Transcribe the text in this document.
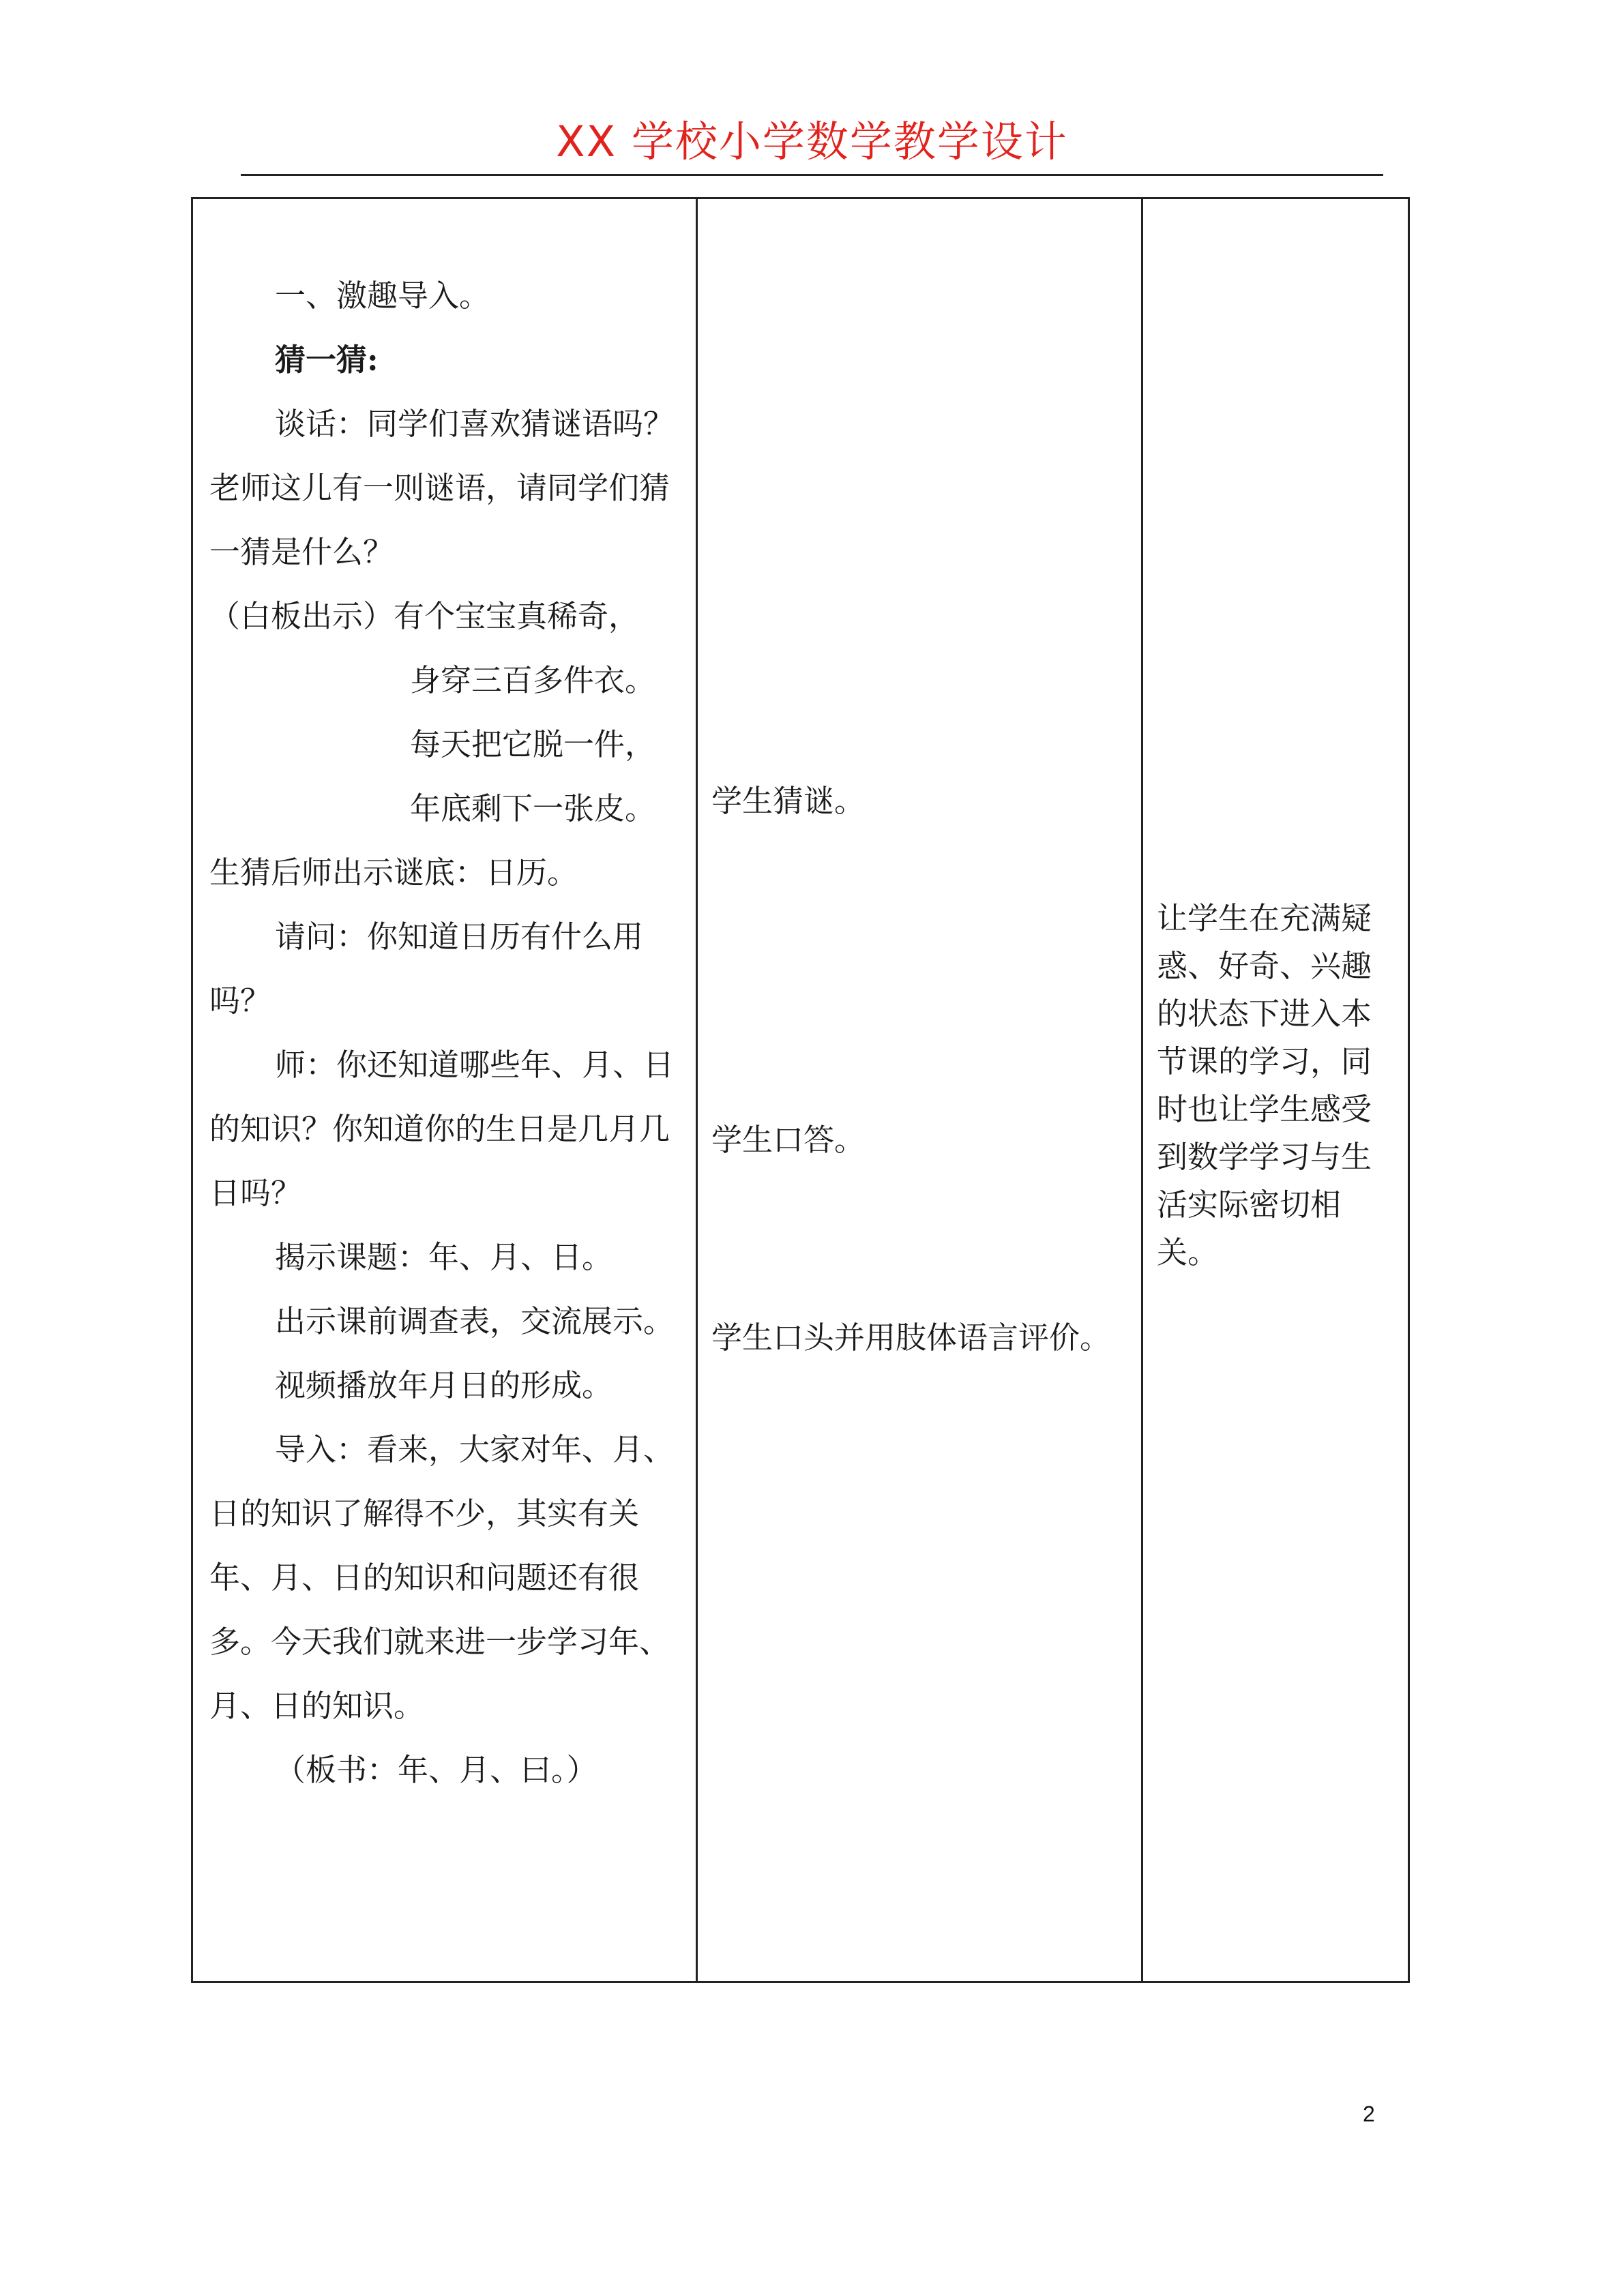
XX 学校小学数学教学设计

一、激趣导入。

猜一猜:

谈话：同学们喜欢猜谜语吗？老师这儿有一则谜语，请同学们猜一猜是什么？

（白板出示）有个宝宝真稀奇，

身穿三百多件衣。

每天把它脱一件，

年底剩下一张皮。

生猜后师出示谜底：日历。

请问：你知道日历有什么用吗？

师：你还知道哪些年、月、日的知识？你知道你的生日是几月几日吗？

揭示课题：年、月、日。

出示课前调查表，交流展示。

视频播放年月日的形成。

导入：看来，大家对年、月、日的知识了解得不少，其实有关年、月、日的知识和问题还有很多。今天我们就来进一步学习年、月、日的知识。

（板书：年、月、曰。）

学生猜谜。

学生口答。

学生口头并用肢体语言评价。

让学生在充满疑惑、好奇、兴趣的状态下进入本节课的学习，同时也让学生感受到数学学习与生活实际密切相关。

2
